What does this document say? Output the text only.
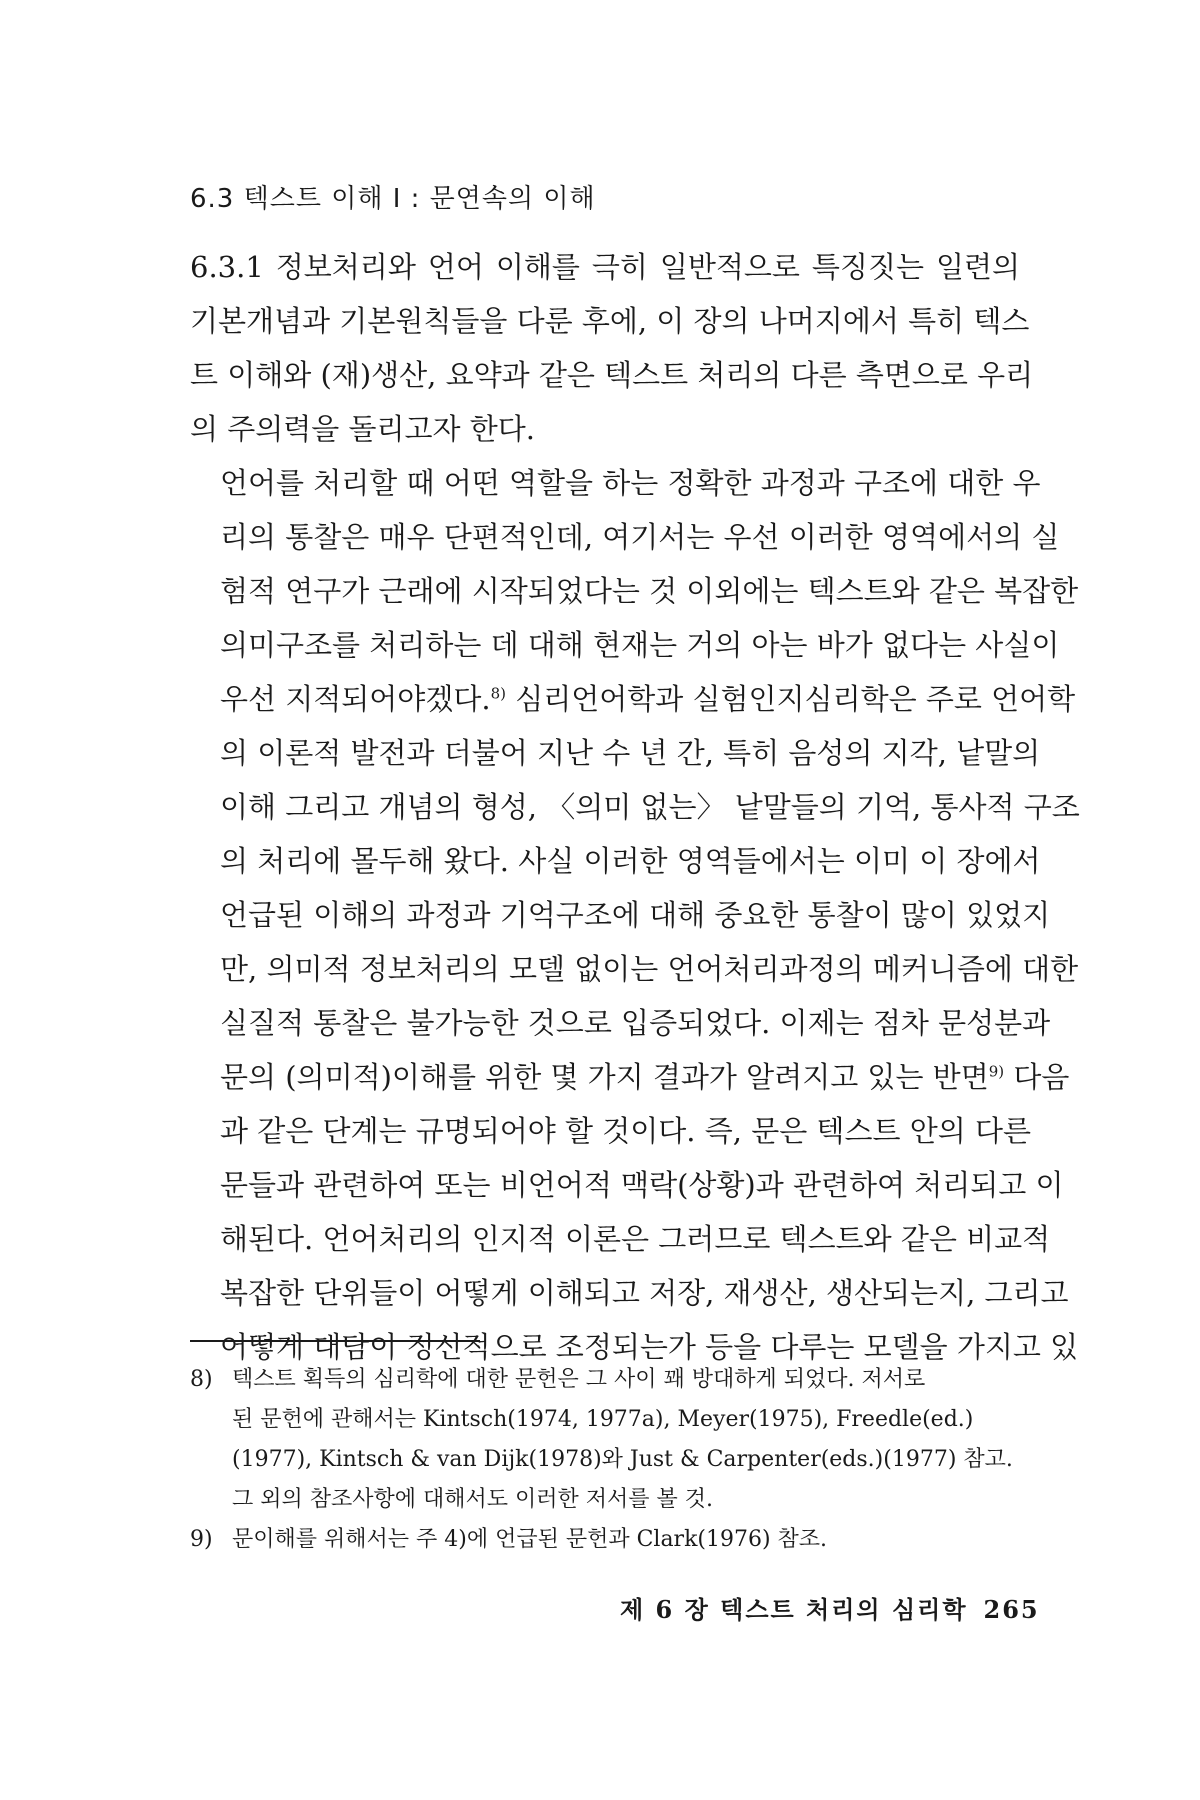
6.3 텍스트 이해 Ⅰ : 문연속의 이해
6.3.1 정보처리와 언어 이해를 극히 일반적으로 특징짓는 일련의
기본개념과 기본원칙들을 다룬 후에, 이 장의 나머지에서 특히 텍스
트 이해와 (재)생산, 요약과 같은 텍스트 처리의 다른 측면으로 우리
의 주의력을 돌리고자 한다.
언어를 처리할 때 어떤 역할을 하는 정확한 과정과 구조에 대한 우
리의 통찰은 매우 단편적인데, 여기서는 우선 이러한 영역에서의 실
험적 연구가 근래에 시작되었다는 것 이외에는 텍스트와 같은 복잡한
의미구조를 처리하는 데 대해 현재는 거의 아는 바가 없다는 사실이
우선 지적되어야겠다.$^{8)}$ 심리언어학과 실험인지심리학은 주로 언어학
의 이론적 발전과 더불어 지난 수 년 간, 특히 음성의 지각, 낱말의
이해 그리고 개념의 형성, 〈의미 없는〉 낱말들의 기억, 통사적 구조
의 처리에 몰두해 왔다. 사실 이러한 영역들에서는 이미 이 장에서
언급된 이해의 과정과 기억구조에 대해 중요한 통찰이 많이 있었지
만, 의미적 정보처리의 모델 없이는 언어처리과정의 메커니즘에 대한
실질적 통찰은 불가능한 것으로 입증되었다. 이제는 점차 문성분과
문의 (의미적)이해를 위한 몇 가지 결과가 알려지고 있는 반면$^{9)}$ 다음
과 같은 단계는 규명되어야 할 것이다. 즉, 문은 텍스트 안의 다른
문들과 관련하여 또는 비언어적 맥락(상황)과 관련하여 처리되고 이
해된다. 언어처리의 인지적 이론은 그러므로 텍스트와 같은 비교적
복잡한 단위들이 어떻게 이해되고 저장, 재생산, 생산되는지, 그리고
어떻게 대담이 정신적으로 조정되는가 등을 다루는 모델을 가지고 있
8) 텍스트 획득의 심리학에 대한 문헌은 그 사이 꽤 방대하게 되었다. 저서로
된 문헌에 관해서는 Kintsch(1974, 1977a), Meyer(1975), Freedle(ed.)
(1977), Kintsch & van Dijk(1978)와 Just & Carpenter(eds.)(1977) 참고.
그 외의 참조사항에 대해서도 이러한 저서를 볼 것.
9) 문이해를 위해서는 주 4)에 언급된 문헌과 Clark(1976) 참조.
제 6 장 텍스트 처리의 심리학 265
